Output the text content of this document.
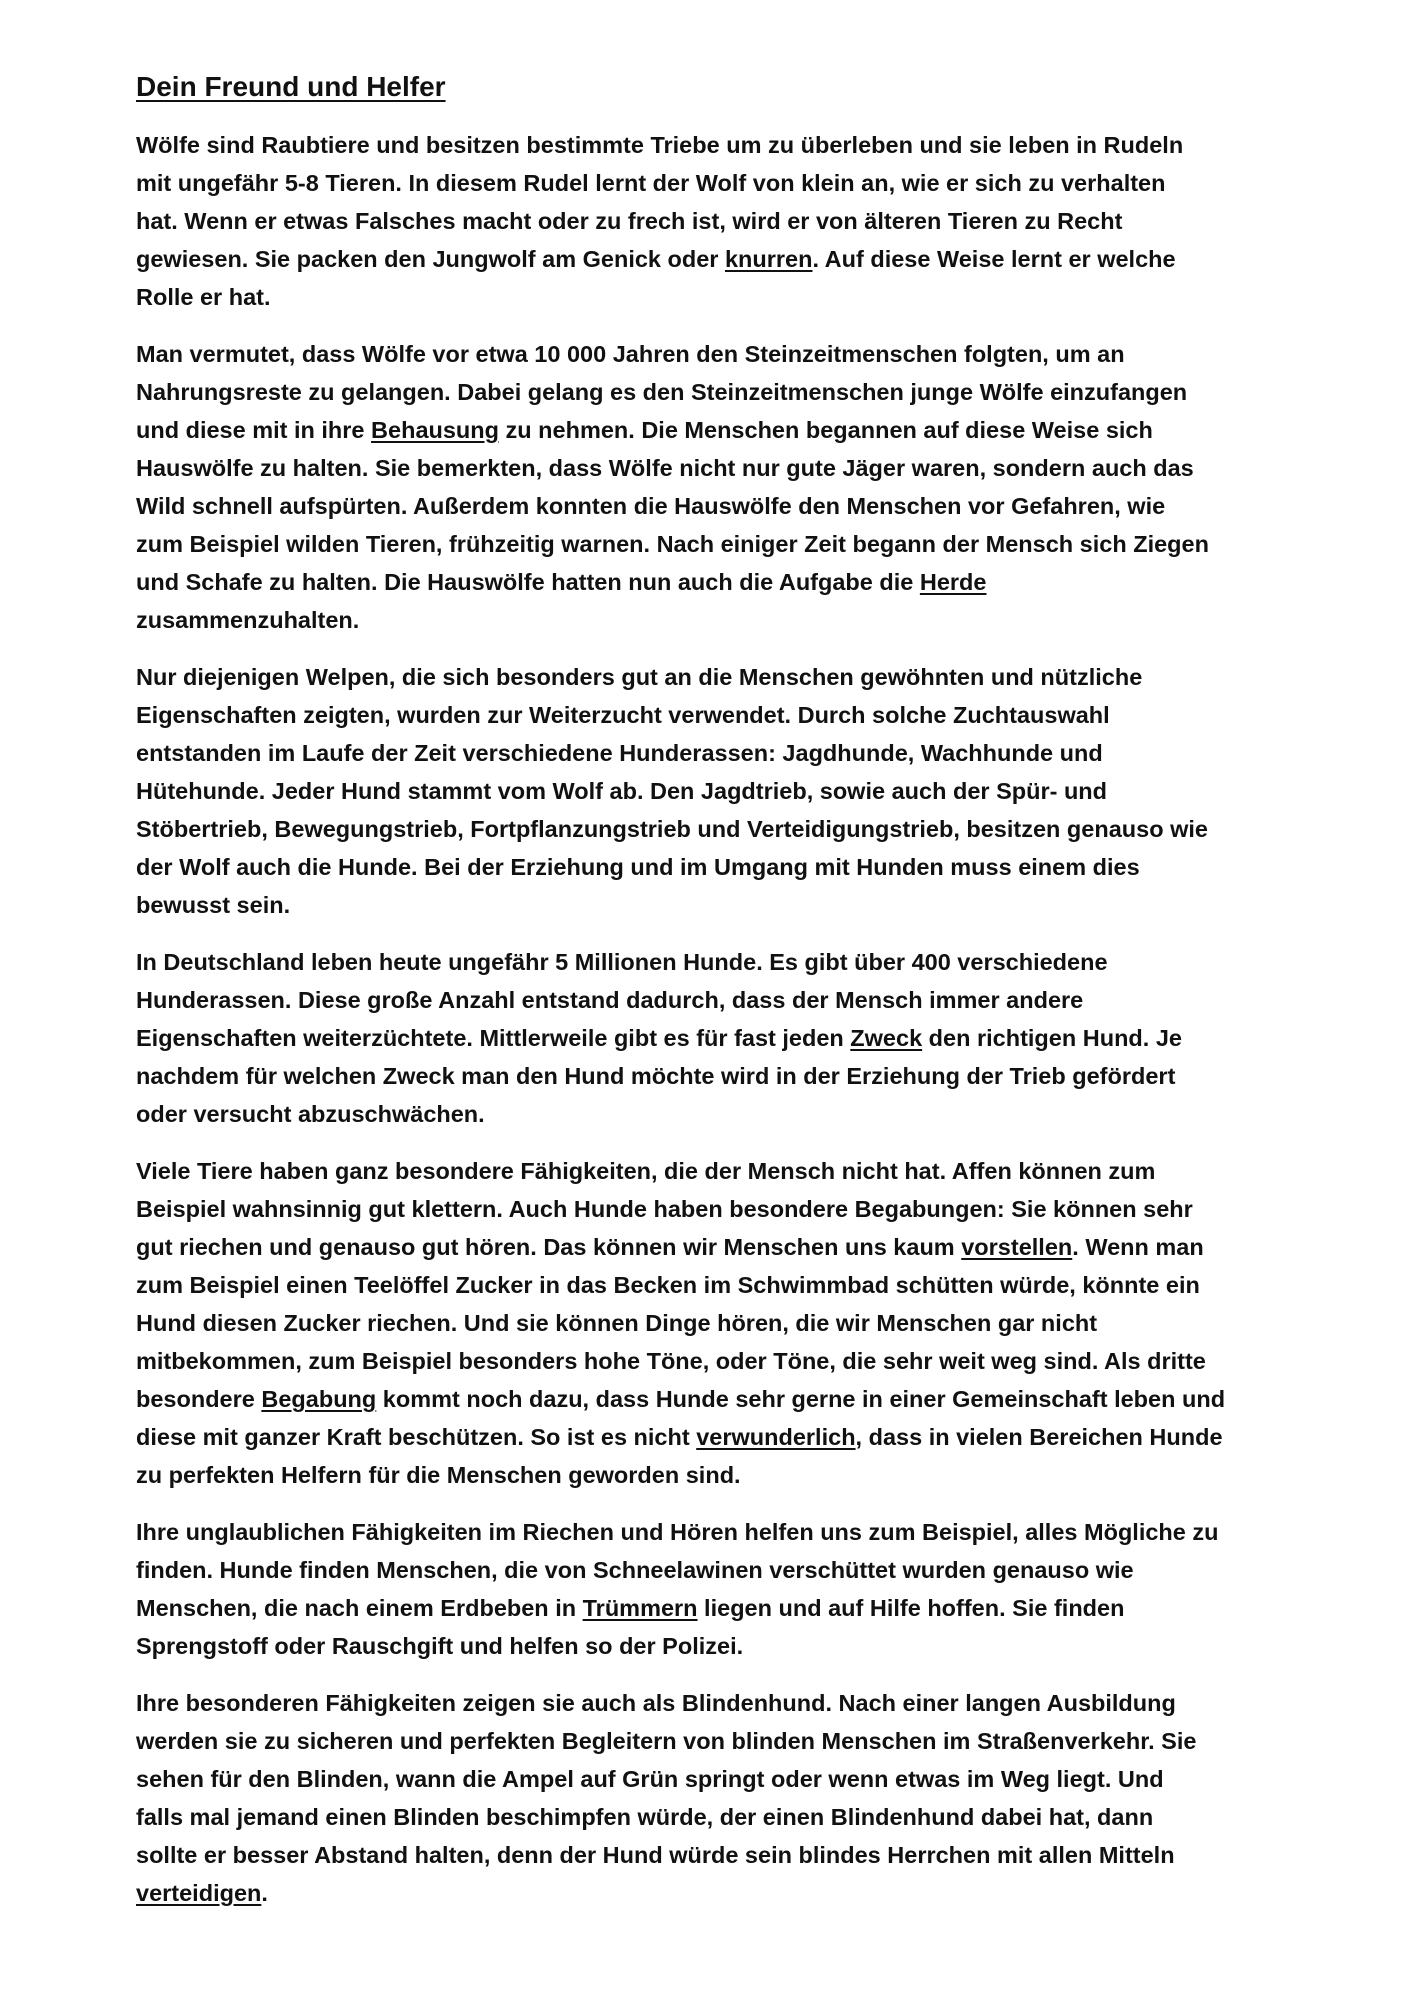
Dein Freund und Helfer
Wölfe sind Raubtiere und besitzen bestimmte Triebe um zu überleben und sie leben in Rudeln
mit ungefähr 5-8 Tieren. In diesem Rudel lernt der Wolf von klein an, wie er sich zu verhalten
hat. Wenn er etwas Falsches macht oder zu frech ist, wird er von älteren Tieren zu Recht
gewiesen. Sie packen den Jungwolf am Genick oder knurren. Auf diese Weise lernt er welche
Rolle er hat.
Man vermutet, dass Wölfe vor etwa 10 000 Jahren den Steinzeitmenschen folgten, um an
Nahrungsreste zu gelangen. Dabei gelang es den Steinzeitmenschen junge Wölfe einzufangen
und diese mit in ihre Behausung zu nehmen. Die Menschen begannen auf diese Weise sich
Hauswölfe zu halten. Sie bemerkten, dass Wölfe nicht nur gute Jäger waren, sondern auch das
Wild schnell aufspürten. Außerdem konnten die Hauswölfe den Menschen vor Gefahren, wie
zum Beispiel wilden Tieren, frühzeitig warnen. Nach einiger Zeit begann der Mensch sich Ziegen
und Schafe zu halten. Die Hauswölfe hatten nun auch die Aufgabe die Herde
zusammenzuhalten.
Nur diejenigen Welpen, die sich besonders gut an die Menschen gewöhnten und nützliche
Eigenschaften zeigten, wurden zur Weiterzucht verwendet. Durch solche Zuchtauswahl
entstanden im Laufe der Zeit verschiedene Hunderassen: Jagdhunde, Wachhunde und
Hütehunde. Jeder Hund stammt vom Wolf ab. Den Jagdtrieb, sowie auch der Spür- und
Stöbertrieb, Bewegungstrieb, Fortpflanzungstrieb und Verteidigungstrieb, besitzen genauso wie
der Wolf auch die Hunde. Bei der Erziehung und im Umgang mit Hunden muss einem dies
bewusst sein.
In Deutschland leben heute ungefähr 5 Millionen Hunde. Es gibt über 400 verschiedene
Hunderassen. Diese große Anzahl entstand dadurch, dass der Mensch immer andere
Eigenschaften weiterzüchtete. Mittlerweile gibt es für fast jeden Zweck den richtigen Hund. Je
nachdem für welchen Zweck man den Hund möchte wird in der Erziehung der Trieb gefördert
oder versucht abzuschwächen.
Viele Tiere haben ganz besondere Fähigkeiten, die der Mensch nicht hat. Affen können zum
Beispiel wahnsinnig gut klettern. Auch Hunde haben besondere Begabungen: Sie können sehr
gut riechen und genauso gut hören. Das können wir Menschen uns kaum vorstellen. Wenn man
zum Beispiel einen Teelöffel Zucker in das Becken im Schwimmbad schütten würde, könnte ein
Hund diesen Zucker riechen. Und sie können Dinge hören, die wir Menschen gar nicht
mitbekommen, zum Beispiel besonders hohe Töne, oder Töne, die sehr weit weg sind. Als dritte
besondere Begabung kommt noch dazu, dass Hunde sehr gerne in einer Gemeinschaft leben und
diese mit ganzer Kraft beschützen. So ist es nicht verwunderlich, dass in vielen Bereichen Hunde
zu perfekten Helfern für die Menschen geworden sind.
Ihre unglaublichen Fähigkeiten im Riechen und Hören helfen uns zum Beispiel, alles Mögliche zu
finden. Hunde finden Menschen, die von Schneelawinen verschüttet wurden genauso wie
Menschen, die nach einem Erdbeben in Trümmern liegen und auf Hilfe hoffen. Sie finden
Sprengstoff oder Rauschgift und helfen so der Polizei.
Ihre besonderen Fähigkeiten zeigen sie auch als Blindenhund. Nach einer langen Ausbildung
werden sie zu sicheren und perfekten Begleitern von blinden Menschen im Straßenverkehr. Sie
sehen für den Blinden, wann die Ampel auf Grün springt oder wenn etwas im Weg liegt. Und
falls mal jemand einen Blinden beschimpfen würde, der einen Blindenhund dabei hat, dann
sollte er besser Abstand halten, denn der Hund würde sein blindes Herrchen mit allen Mitteln
verteidigen.
